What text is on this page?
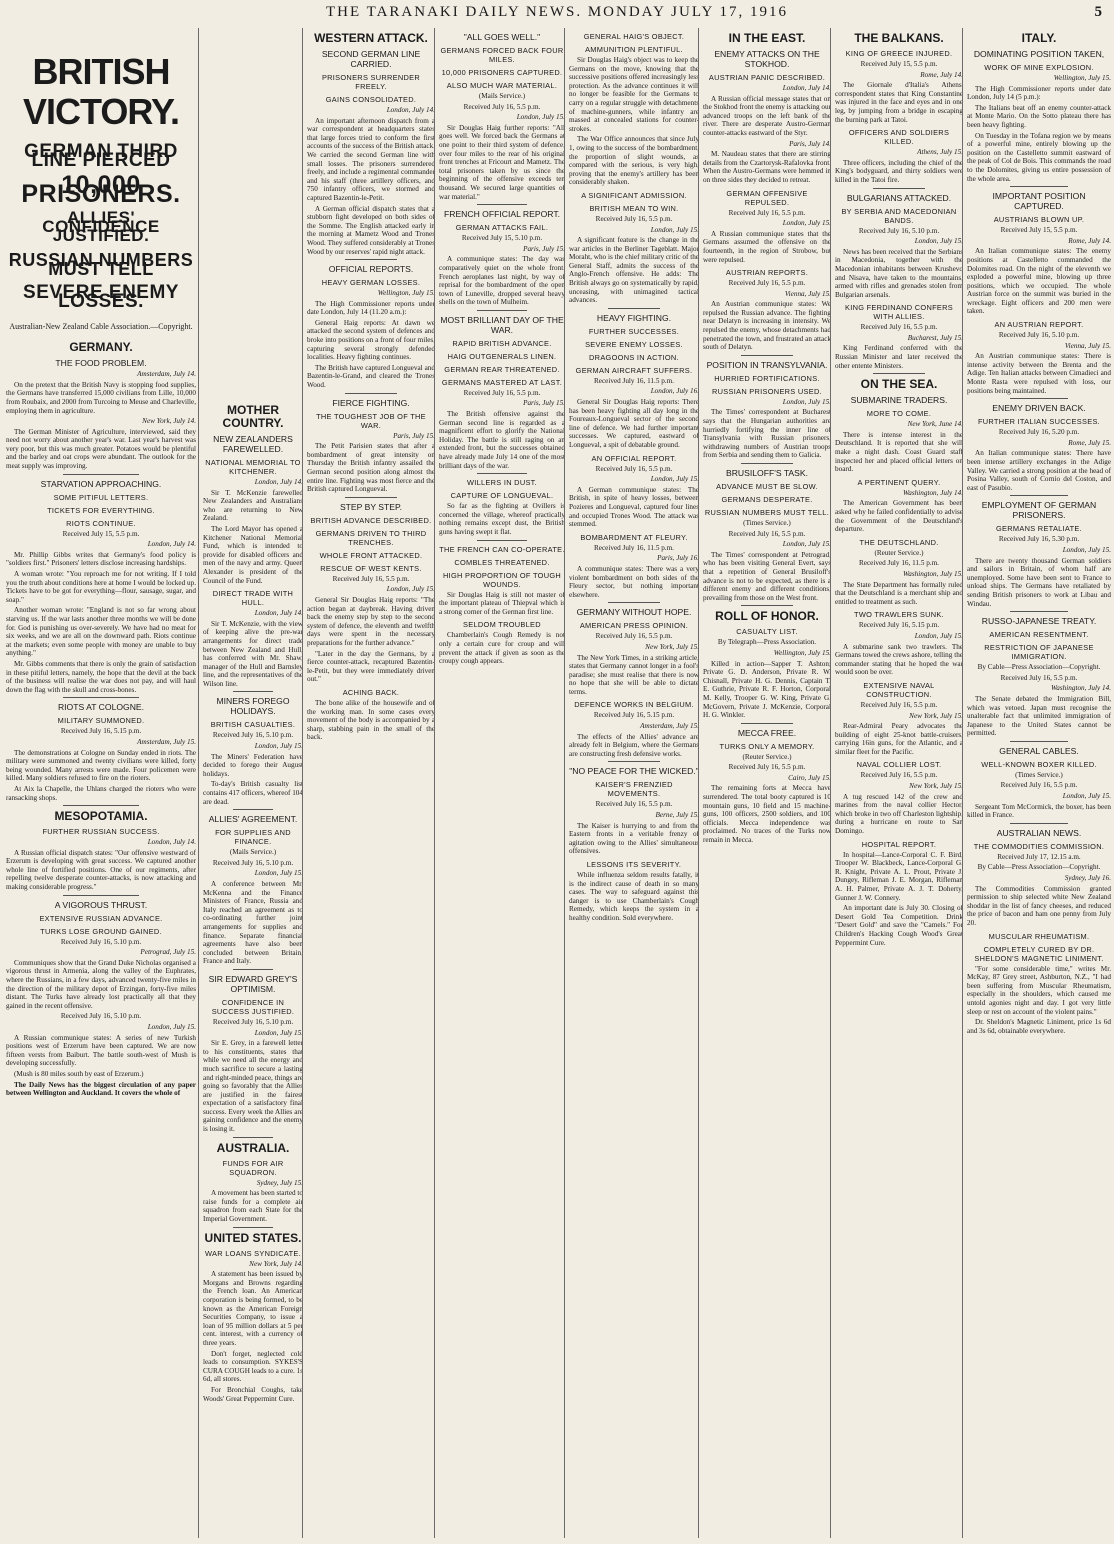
THE TARANAKI DAILY NEWS. MONDAY JULY 17, 1916	5
BRITISH VICTORY.
GERMAN THIRD LINE PIERCED
10,000 PRISONERS.
ALLIES' CONFIDENCE JUSTIFIED.
RUSSIAN NUMBERS MUST TELL
SEVERE ENEMY LOSSES.
Australian-New Zealand Cable Association.—Copyright.
GERMANY.
THE FOOD PROBLEM.
Amsterdam, July 14.

On the pretext that the British Navy is stopping food supplies, the Germans have transferred 15,000 civilians from Lille, 10,000 from Roubaix, and 2000 from Turcoing to Meuse and Charleville, employing them in agriculture.

New York, July 14.

The German Minister of Agriculture, interviewed, said they need not worry about another year's war. Last year's harvest was very poor, but this was much greater. Potatoes would be plentiful and the barley and oat crops were abundant. The outlook for the meat supply was improving.

STARVATION APPROACHING.
SOME PITIFUL LETTERS.
TICKETS FOR EVERYTHING.
RIOTS CONTINUE.
Received July 15, 5.5 p.m.
London, July 14.

Mr. Phillip Gibbs writes that Germany's food policy is "soldiers first." Prisoners' letters disclose increasing hardships.

A woman wrote: "You reproach me for not writing. If I told you the truth about conditions here at home I would be locked up. Tickets have to be got for everything—flour, sausage, sugar, and soap."

Another woman wrote: "England is not so far wrong about starving us. If the war lasts another three months we will be done for. God is punishing us over-severely. We have had no meat for six weeks, and we are all on the downward path. Riots continue at the markets; even some people with money are unable to buy anything."

Mr. Gibbs comments that there is only the grain of satisfaction in these pitiful letters, namely, the hope that the devil at the back of the business will realise the war does not pay, and will haul down the flag with the skull and cross-bones.

RIOTS AT COLOGNE.
MILITARY SUMMONED.
Received July 16, 5.15 p.m.
Amsterdam, July 15.

The demonstrations at Cologne on Sunday ended in riots. The military were summoned and twenty civilians were killed, forty being wounded. Many arrests were made. Four policemen were killed. Many soldiers refused to fire on the rioters.

At Aix la Chapelle, the Uhlans charged the rioters who were ransacking shops.

MESOPOTAMIA.
FURTHER RUSSIAN SUCCESS.
London, July 14.

A Russian official dispatch states: "Our offensive westward of Erzerum is developing with great success. We captured another whole line of fortified positions. One of our regiments, after repelling twelve desperate counter-attacks, is now attacking and making considerable progress."

A VIGOROUS THRUST.
EXTENSIVE RUSSIAN ADVANCE.
TURKS LOSE GROUND GAINED.
Received July 16, 5.10 p.m.
Petrograd, July 15.

Communiques show that the Grand Duke Nicholas organised a vigorous thrust in Armenia, along the valley of the Euphrates, where the Russians, in a few days, advanced twenty-five miles in the direction of the military depot of Erzingan, forty-five miles distant. The Turks have already lost practically all that they gained in the recent offensive.

Received July 16, 5.10 p.m.
London, July 15.

A Russian communique states: A series of new Turkish positions west of Erzerum have been captured. We are now fifteen versts from Baiburt. The battle south-west of Mush is developing successfully.

(Mush is 80 miles south by east of Erzerum.)

The Daily News has the biggest circulation of any paper between Wellington and Auckland. It covers the whole of

MOTHER COUNTRY.
NEW ZEALANDERS FAREWELLED.
NATIONAL MEMORIAL TO KITCHENER.
London, July 14.

Sir T. McKenzie farewelled New Zealanders and Australians who are returning to New Zealand.

The Lord Mayor has opened a Kitchener National Memorial Fund, which is intended to provide for disabled officers and men of the navy and army. Queen Alexander is president of the Council of the Fund.

DIRECT TRADE WITH HULL.
London, July 14.

Sir T. McKenzie, with the view of keeping alive the pre-war arrangements for direct trade between New Zealand and Hull, has conferred with Mr. Shaw, manager of the Hull and Barnsley line, and the representatives of the Wilson line.

MINERS FOREGO HOLIDAYS.
BRITISH CASUALTIES.
Received July 16, 5.10 p.m.
London, July 15.

The Miners' Federation have decided to forego their August holidays.

To-day's British casualty list contains 417 officers, whereof 104 are dead.

ALLIES' AGREEMENT.
FOR SUPPLIES AND FINANCE.
(Mails Service.)
Received July 16, 5.10 p.m.
London, July 15.

A conference between Mr. McKenna and the Finance Ministers of France, Russia and Italy reached an agreement as to co-ordinating further joint arrangements for supplies and finance. Separate financial agreements have also been concluded between Britain, France and Italy.

SIR EDWARD GREY'S OPTIMISM.
CONFIDENCE IN SUCCESS JUSTIFIED.
Received July 16, 5.10 p.m.
London, July 15.

Sir E. Grey, in a farewell letter to his constituents, states that while we need all the energy and much sacrifice to secure a lasting and right-minded peace, things are going so favorably that the Allies are justified in the fairest expectation of a satisfactory final success. Every week the Allies are gaining confidence and the enemy is losing it.

AUSTRALIA.
FUNDS FOR AIR SQUADRON.
Sydney, July 15.

A movement has been started to raise funds for a complete air squadron from each State for the Imperial Government.

UNITED STATES.
WAR LOANS SYNDICATE.
New York, July 14.

A statement has been issued by Morgans and Browns regarding the French loan. An American corporation is being formed, to be known as the American Foreign Securities Company, to issue a loan of 95 million dollars at 5 per cent. interest, with a currency of three years.

Don't forget, neglected cold leads to consumption. SYKES'S CURA COUGH leads to a cure. 1s 6d, all stores.

For Bronchial Coughs, take Woods' Great Peppermint Cure.

WESTERN ATTACK.
SECOND GERMAN LINE CARRIED.
PRISONERS SURRENDER FREELY.
GAINS CONSOLIDATED.
London, July 14.

An important afternoon dispatch from a war correspondent at headquarters states that large forces tried to conform the first accounts of the success of the British attack. We carried the second German line with small losses. The prisoners surrendered freely, and include a regimental commander and his staff (three artillery officers, and 750 infantry officers, we stormed and captured Bazentin-le-Petit.

A German official dispatch states that a stubborn fight developed on both sides of the Somme. The English attacked early in the morning at Mametz Wood and Trones Wood. They suffered considerably at Trones Wood by our reserves' rapid night attack.

OFFICIAL REPORTS.
HEAVY GERMAN LOSSES.
Wellington, July 15.

The High Commissioner reports under date London, July 14 (11.20 a.m.):

General Haig reports: At dawn we attacked the second system of defences and broke into positions on a front of four miles, capturing several strongly defended localities. Heavy fighting continues.

The British have captured Longueval and Bazentin-le-Grand, and cleared the Trones Wood.

FIERCE FIGHTING.
THE TOUGHEST JOB OF THE WAR.
Paris, July 15.

The Petit Parisien states that after a bombardment of great intensity on Thursday the British infantry assailed the German second position along almost the entire line. Fighting was most fierce and the British captured Longueval.

STEP BY STEP.
BRITISH ADVANCE DESCRIBED.
GERMANS DRIVEN TO THIRD TRENCHES.
WHOLE FRONT ATTACKED.
RESCUE OF WEST KENTS.
Received July 16, 5.5 p.m.
London, July 15.

General Sir Douglas Haig reports: "The action began at daybreak. Having driven back the enemy step by step to the second system of defence, the eleventh and twelfth days were spent in the necessary preparations for the further advance."

"Later in the day the Germans, by a fierce counter-attack, recaptured Bazentin-le-Petit, but they were immediately driven out."

ACHING BACK.

The bone alike of the housewife and of the working man. In some cases every movement of the body is accompanied by a sharp, stabbing pain in the small of the back.

"ALL GOES WELL."
GERMANS FORCED BACK FOUR MILES.
10,000 PRISONERS CAPTURED.
ALSO MUCH WAR MATERIAL.
(Mails Service.)
Received July 16, 5.5 p.m.
London, July 15.

Sir Douglas Haig further reports: "All goes well. We forced back the Germans at one point to their third system of defence, over four miles to the rear of his original front trenches at Fricourt and Mametz. The total prisoners taken by us since the beginning of the offensive exceeds ten thousand. We secured large quantities of war material."

FRENCH OFFICIAL REPORT.
GERMAN ATTACKS FAIL.
Received July 15, 5.10 p.m.
Paris, July 15.

A communique states: The day was comparatively quiet on the whole front. French aeroplanes last night, by way of reprisal for the bombardment of the open town of Luneville, dropped several heavy shells on the town of Mulheim.

MOST BRILLIANT DAY OF THE WAR.
RAPID BRITISH ADVANCE.
HAIG OUTGENERALS LINEN.
GERMAN REAR THREATENED.
GERMANS MASTERED AT LAST.
Received July 16, 5.5 p.m.
Paris, July 15.

The British offensive against the German second line is regarded as a magnificent effort to glorify the National Holiday. The battle is still raging on an extended front, but the successes obtained have already made July 14 one of the most brilliant days of the war.

WILLERS IN DUST.
CAPTURE OF LONGUEVAL.

So far as the fighting at Ovillers is concerned the village, whereof practically nothing remains except dust, the British guns having swept it flat.

THE FRENCH CAN CO-OPERATE.
COMBLES THREATENED.
HIGH PROPORTION OF TOUGH WOUNDS.

Sir Douglas Haig is still not master of the important plateau of Thiepval which is a strong corner of the German first line.

SELDOM TROUBLED

Chamberlain's Cough Remedy is not only a certain cure for croup and will prevent the attack if given as soon as the croupy cough appears.

GENERAL HAIG'S OBJECT.
AMMUNITION PLENTIFUL.

Sir Douglas Haig's object was to keep the Germans on the move, knowing that the successive positions offered increasingly less protection. As the advance continues it will no longer be feasible for the Germans to carry on a regular struggle with detachments of machine-gunners, while infantry are massed at concealed stations for counter-strokes.

The War Office announces that since July 1, owing to the success of the bombardment, the proportion of slight wounds, as compared with the serious, is very high, proving that the enemy's artillery has been considerably shaken.

A SIGNIFICANT ADMISSION.
BRITISH MEAN TO WIN.
Received July 16, 5.5 p.m.
London, July 15.

A significant feature is the change in the war articles in the Berliner Tageblatt. Major Moraht, who is the chief military critic of the General Staff, admits the success of the Anglo-French offensive. He adds: The British always go on systematically by rapid, unceasing, with unimagined tactical advances.

HEAVY FIGHTING.
FURTHER SUCCESSES.
SEVERE ENEMY LOSSES.
DRAGOONS IN ACTION.
GERMAN AIRCRAFT SUFFERS.
Received July 16, 11.5 p.m.
London, July 16.

General Sir Douglas Haig reports: There has been heavy fighting all day long in the Foureaux-Longueval sector of the second line of defence. We had further important successes. We captured, eastward of Longueval, a spit of debatable ground.

AN OFFICIAL REPORT.
Received July 16, 5.5 p.m.
London, July 15.

A German communique states: The British, in spite of heavy losses, between Pozieres and Longueval, captured four lines and occupied Trones Wood. The attack was stemmed.

BOMBARDMENT AT FLEURY.
Received July 16, 11.5 p.m.
Paris, July 16.

A communique states: There was a very violent bombardment on both sides of the Fleury sector, but nothing important elsewhere.

GERMANY WITHOUT HOPE.
AMERICAN PRESS OPINION.
Received July 16, 5.5 p.m.
New York, July 15.

The New York Times, in a striking article, states that Germany cannot longer in a fool's paradise; she must realise that there is now no hope that she will be able to dictate terms.

DEFENCE WORKS IN BELGIUM.
Received July 16, 5.15 p.m.
Amsterdam, July 15.

The effects of the Allies' advance are already felt in Belgium, where the Germans are constructing fresh defensive works.

"NO PEACE FOR THE WICKED."
KAISER'S FRENZIED MOVEMENTS.
Received July 16, 5.5 p.m.
Berne, July 15.

The Kaiser is hurrying to and from the Eastern fronts in a veritable frenzy of agitation owing to the Allies' simultaneous offensives.

LESSONS ITS SEVERITY.

While influenza seldom results fatally, it is the indirect cause of death in so many cases. The way to safeguard against this danger is to use Chamberlain's Cough Remedy, which keeps the system in a healthy condition. Sold everywhere.

IN THE EAST.
ENEMY ATTACKS ON THE STOKHOD.
AUSTRIAN PANIC DESCRIBED.
London, July 14.

A Russian official message states that on the Stokhod front the enemy is attacking our advanced troops on the left bank of the river. There are desperate Austro-German counter-attacks eastward of the Styr.

Paris, July 14.

M. Naudeau states that there are stirring details from the Czartorysk-Rafalovka front. When the Austro-Germans were hemmed in on three sides they decided to retreat.

GERMAN OFFENSIVE REPULSED.
Received July 16, 5.5 p.m.
London, July 15.

A Russian communique states that the Germans assumed the offensive on the fourteenth, in the region of Strobow, but were repulsed.

AUSTRIAN REPORTS.
Received July 16, 5.5 p.m.
Vienna, July 15.

An Austrian communique states: We repulsed the Russian advance. The fighting near Delatyn is increasing in intensity. We repulsed the enemy, whose detachments had penetrated the town, and frustrated an attack south of Delatyn.

POSITION IN TRANSYLVANIA.
HURRIED FORTIFICATIONS.
RUSSIAN PRISONERS USED.
London, July 15.

The Times' correspondent at Bucharest says that the Hungarian authorities are hurriedly fortifying the inner line of Transylvania with Russian prisoners, withdrawing numbers of Austrian troops from Serbia and sending them to Galicia.

BRUSILOFF'S TASK.
ADVANCE MUST BE SLOW.
GERMANS DESPERATE.
RUSSIAN NUMBERS MUST TELL.
(Times Service.)
Received July 16, 5.5 p.m.
London, July 15.

The Times' correspondent at Petrograd, who has been visiting General Evert, says that a repetition of General Brusiloff's advance is not to be expected, as there is a different enemy and different conditions, prevailing from those on the West front.

ROLL OF HONOR.
CASUALTY LIST.
By Telegraph—Press Association.
Wellington, July 15.

Killed in action—Sapper T. Ashton; Private G. D. Anderson, Private R. W. Chisnall, Private H. G. Dennis, Captain T. E. Guthrie, Private R. F. Horton, Corporal M. Kelly, Trooper G. W. King, Private G. McGovern, Private J. McKenzie, Corporal H. G. Winkler.

MECCA FREE.
TURKS ONLY A MEMORY.
(Reuter Service.)
Received July 16, 5.5 p.m.
Cairo, July 15.

The remaining forts at Mecca have surrendered. The total booty captured is 10 mountain guns, 10 field and 15 machine-guns, 100 officers, 2500 soldiers, and 100 officials. Mecca independence was proclaimed. No traces of the Turks now remain in Mecca.

THE BALKANS.
KING OF GREECE INJURED.
Received July 15, 5.5 p.m.
Rome, July 14.

The Giornale d'Italia's Athens' correspondent states that King Constantine was injured in the face and eyes and in one leg, by jumping from a bridge in escaping the burning park at Tatoi.

OFFICERS AND SOLDIERS KILLED.
Athens, July 15.

Three officers, including the chief of the King's bodyguard, and thirty soldiers were killed in the Tatoi fire.

BULGARIANS ATTACKED.
BY SERBIA AND MACEDONIAN BANDS.
Received July 16, 5.10 p.m.
London, July 15.

News has been received that the Serbians in Macedonia, together with the Macedonian inhabitants between Krushevo and Nisava, have taken to the mountains, armed with rifles and grenades stolen from Bulgarian arsenals.

KING FERDINAND CONFERS WITH ALLIES.
Received July 16, 5.5 p.m.
Bucharest, July 15.

King Ferdinand conferred with the Russian Minister and later received the other entente Ministers.

ON THE SEA.
SUBMARINE TRADERS.
MORE TO COME.
New York, June 14.

There is intense interest in the Deutschland. It is reported that she will make a night dash. Coast Guard staff inspected her and placed official letters on board.

A PERTINENT QUERY.
Washington, July 14.

The American Government has been asked why he failed confidentially to advise the Government of the Deutschland's departure.

THE DEUTSCHLAND.
(Reuter Service.)
Received July 16, 11.5 p.m.
Washington, July 15.

The State Department has formally ruled that the Deutschland is a merchant ship and entitled to treatment as such.

TWO TRAWLERS SUNK.
Received July 16, 5.15 p.m.
London, July 15.

A submarine sank two trawlers. The Germans towed the crews ashore, telling the commander stating that he hoped the war would soon be over.

EXTENSIVE NAVAL CONSTRUCTION.
Received July 16, 5.5 p.m.
New York, July 15.

Rear-Admiral Peary advocates the building of eight 25-knot battle-cruisers, carrying 16in guns, for the Atlantic, and a similar fleet for the Pacific.

NAVAL COLLIER LOST.
Received July 16, 5.5 p.m.
New York, July 15.

A tug rescued 142 of the crew and marines from the naval collier Hector, which broke in two off Charleston lightship, during a hurricane en route to San Domingo.

HOSPITAL REPORT.

In hospital—Lance-Corporal C. F. Bird, Trooper W. Blackbeck, Lance-Corporal G. R. Knight, Private A. L. Prout, Private J. Dungey, Rifleman J. E. Morgan, Rifleman A. H. Palmer, Private A. J. T. Doherty, Gunner J. W. Connery.

An important date is July 30. Closing of Desert Gold Tea Competition. Drink "Desert Gold" and save the "Camels." For Children's Hacking Cough Wood's Great Peppermint Cure.

ITALY.
DOMINATING POSITION TAKEN,
WORK OF MINE EXPLOSION.
Wellington, July 15.

The High Commissioner reports under date London, July 14 (5 p.m.):

The Italians beat off an enemy counter-attack at Monte Mario. On the Sotto plateau there has been heavy fighting.

On Tuesday in the Tofana region we by means of a powerful mine, entirely blowing up the position on the Castelletto summit eastward of the peak of Col de Bois. This commands the road to the Dolomites, giving us entire possession of the whole area.

IMPORTANT POSITION CAPTURED.
AUSTRIANS BLOWN UP.
Received July 15, 5.5 p.m.
Rome, July 14.

An Italian communique states: The enemy positions at Castelletto commanded the Dolomites road. On the night of the eleventh we exploded a powerful mine, blowing up three positions, which we occupied. The whole Austrian force on the summit was buried in the wreckage. Eight officers and 200 men were taken.

AN AUSTRIAN REPORT.
Received July 16, 5.10 p.m.
Vienna, July 15.

An Austrian communique states: There is intense activity between the Brenta and the Adige. Ten Italian attacks between Cimadieci and Monte Rasta were repulsed with loss, our positions being maintained.

ENEMY DRIVEN BACK.
FURTHER ITALIAN SUCCESSES.
Received July 16, 5.20 p.m.
Rome, July 15.

An Italian communique states: There have been intense artillery exchanges in the Adige Valley. We carried a strong position at the head of Posina Valley, south of Cornio del Coston, and east of Pasubio.

EMPLOYMENT OF GERMAN PRISONERS.
GERMANS RETALIATE.
Received July 16, 5.30 p.m.
London, July 15.

There are twenty thousand German soldiers and sailors in Britain, of whom half are unemployed. Some have been sent to France to unload ships. The Germans have retaliated by sending British prisoners to work at Libau and Windau.

RUSSO-JAPANESE TREATY.
AMERICAN RESENTMENT.
RESTRICTION OF JAPANESE IMMIGRATION.
By Cable—Press Association—Copyright.
Received July 16, 5.5 p.m.
Washington, July 14.

The Senate debated the Immigration Bill, which was vetoed. Japan must recognise the unalterable fact that unlimited immigration of Japanese to the United States cannot be permitted.

GENERAL CABLES.
WELL-KNOWN BOXER KILLED.
(Times Service.)
Received July 16, 5.5 p.m.
London, July 15.

Sergeant Tom McCormick, the boxer, has been killed in France.

AUSTRALIAN NEWS.
THE COMMODITIES COMMISSION.
Received July 17, 12.15 a.m.
By Cable—Press Association—Copyright.
Sydney, July 16.

The Commodities Commission granted permission to ship selected white New Zealand shoddar in the list of fancy cheeses, and reduced the price of bacon and ham one penny from July 20.

MUSCULAR RHEUMATISM.
COMPLETELY CURED BY DR. SHELDON'S MAGNETIC LINIMENT.

"For some considerable time," writes Mr. McKay, 87 Grey street, Ashburton, N.Z., "I had been suffering from Muscular Rheumatism, especially in the shoulders, which caused me untold agonies night and day. I got very little sleep or rest on account of the violent pains."

Dr. Sheldon's Magnetic Liniment, price 1s 6d and 3s 6d, obtainable everywhere.
